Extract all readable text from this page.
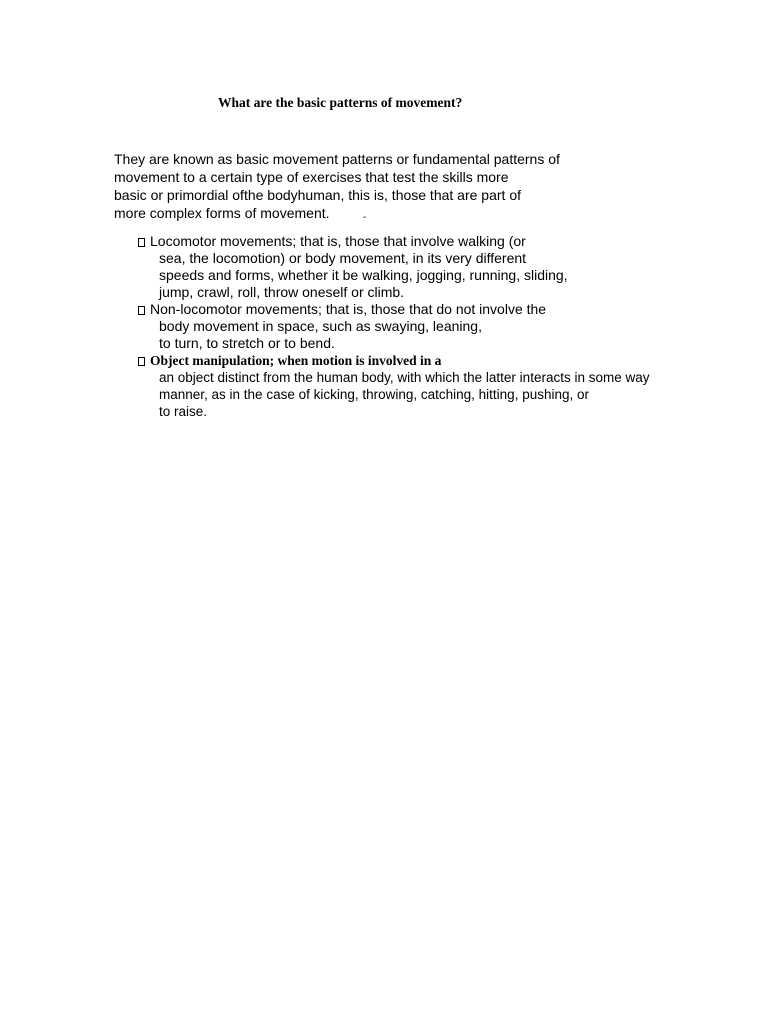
What are the basic patterns of movement?
They are known as basic movement patterns or fundamental patterns of
movement to a certain type of exercises that test the skills more
basic or primordial ofthe bodyhuman, this is, those that are part of
more complex forms of movement.	-
Locomotor movements; that is, those that involve walking (or
sea, the locomotion) or body movement, in its very different
speeds and forms, whether it be walking, jogging, running, sliding,
jump, crawl, roll, throw oneself or climb.
Non-locomotor movements; that is, those that do not involve the
body movement in space, such as swaying, leaning,
to turn, to stretch or to bend.
Object manipulation; when motion is involved in a
an object distinct from the human body, with which the latter interacts in some way
manner, as in the case of kicking, throwing, catching, hitting, pushing, or
to raise.
